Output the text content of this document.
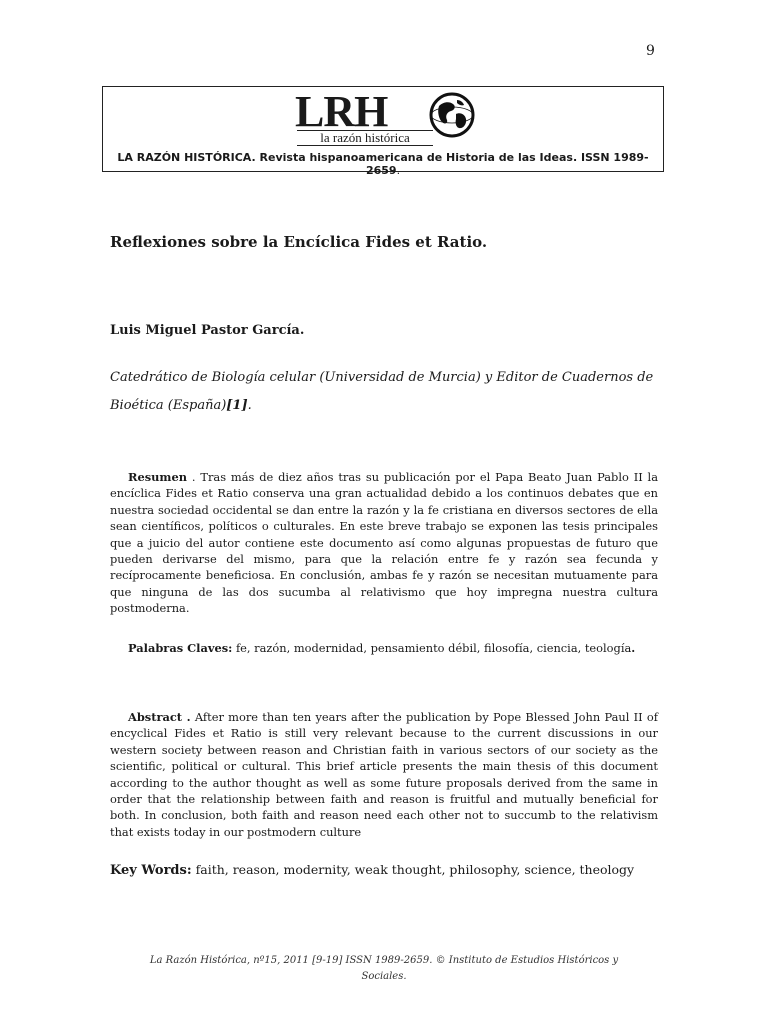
9
LRH
la razón histórica
LA RAZÓN HISTÓRICA. Revista hispanoamericana de Historia de las Ideas. ISSN 1989-2659.
Reflexiones sobre la Encíclica Fides et Ratio.
Luis Miguel Pastor García.
Catedrático de Biología celular (Universidad de Murcia) y Editor de Cuadernos de Bioética (España)[1].
Resumen . Tras más de diez años tras su publicación por el Papa Beato Juan Pablo II la encíclica Fides et Ratio conserva una gran actualidad debido a los continuos debates que en nuestra sociedad occidental se dan entre la razón y la fe cristiana en diversos sectores de ella sean científicos, políticos o culturales. En este breve trabajo se exponen las tesis principales que a juicio del autor contiene este documento así como algunas propuestas de futuro que pueden derivarse del mismo, para que la relación entre fe y razón sea fecunda y recíprocamente beneficiosa. En conclusión, ambas fe y razón se necesitan mutuamente para que ninguna de las dos sucumba al relativismo que hoy impregna nuestra cultura postmoderna.
Palabras Claves: fe, razón, modernidad, pensamiento débil, filosofía, ciencia, teología.
Abstract . After more than ten years after the publication by Pope Blessed John Paul II of encyclical Fides et Ratio is still very relevant because to the current discussions in our western society between reason and Christian faith in various sectors of our society as the scientific, political or cultural. This brief article presents the main thesis of this document according to the author thought as well as some future proposals derived from the same in order that the relationship between faith and reason is fruitful and mutually beneficial for both. In conclusion, both faith and reason need each other not to succumb to the relativism that exists today in our postmodern culture
Key Words: faith, reason, modernity, weak thought, philosophy, science, theology
La Razón Histórica, nº15, 2011 [9-19] ISSN 1989-2659. © Instituto de Estudios Históricos y
Sociales.
